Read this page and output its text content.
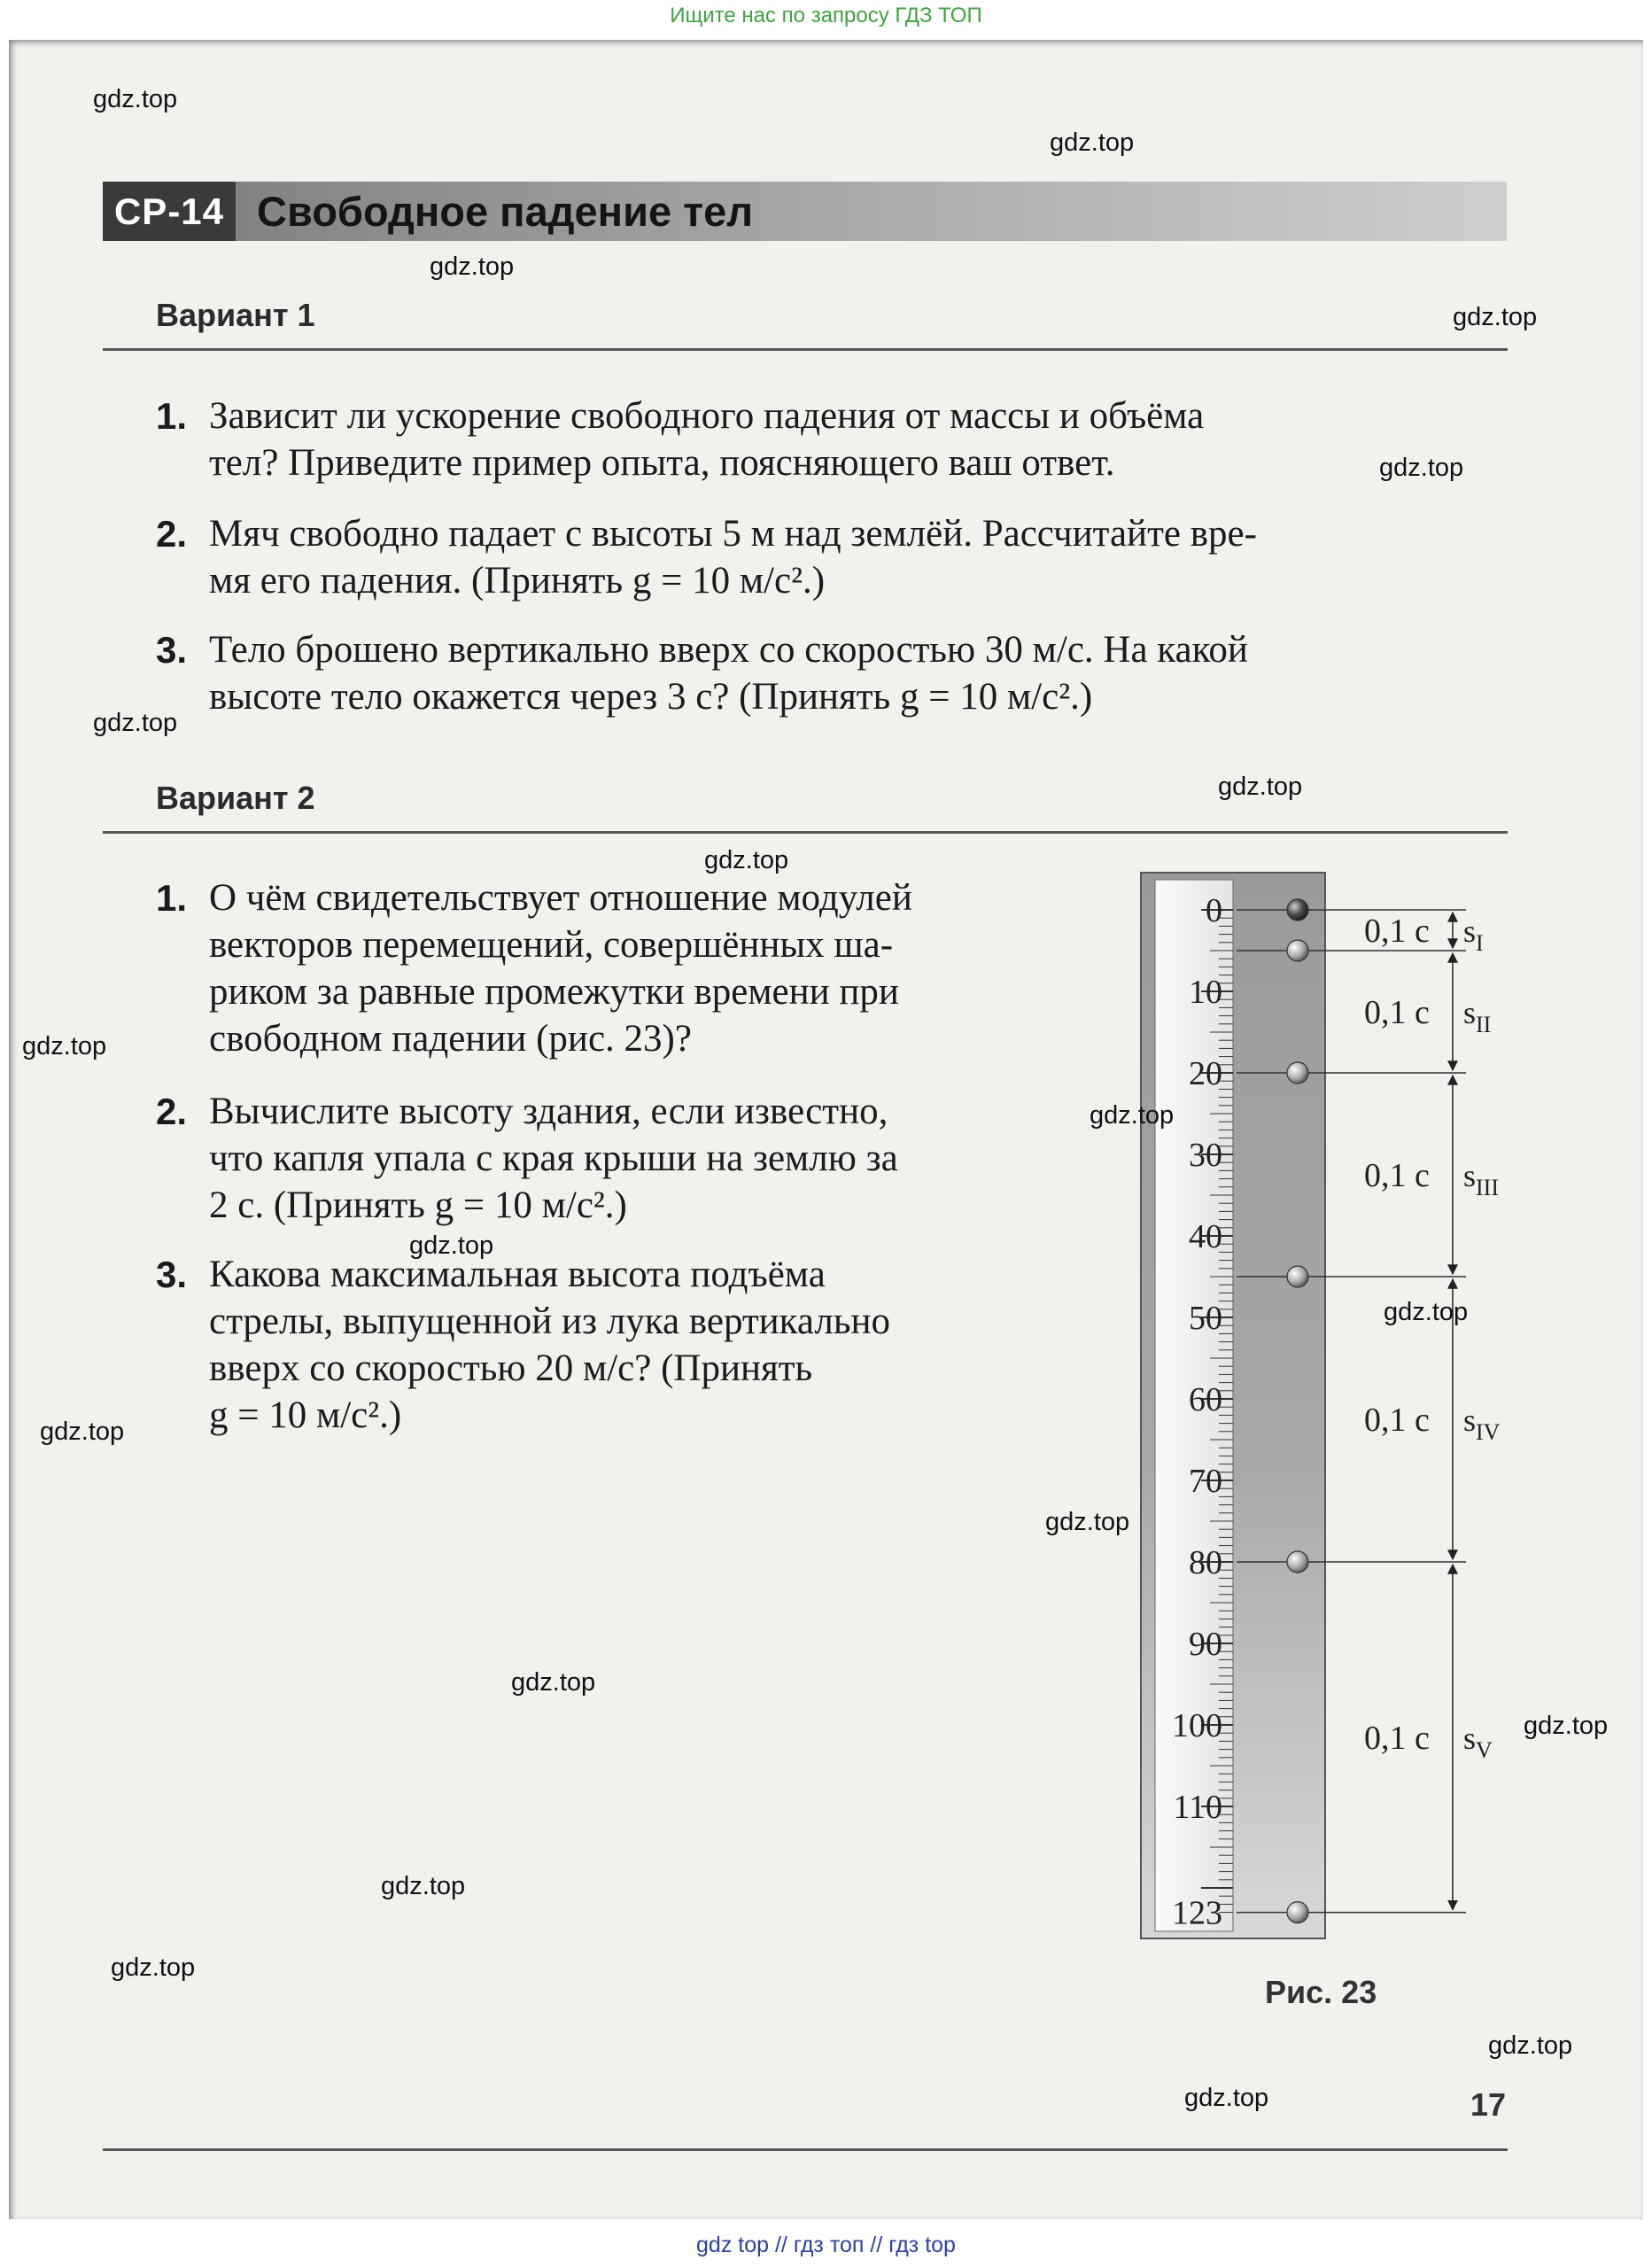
Ищите нас по запросу ГДЗ ТОП
СР-14 Свободное падение тел
Вариант 1
1. Зависит ли ускорение свободного падения от массы и объёма
тел? Приведите пример опыта, поясняющего ваш ответ.
2. Мяч свободно падает с высоты 5 м над землёй. Рассчитайте вре-
мя его падения. (Принять g = 10 м/с².)
3. Тело брошено вертикально вверх со скоростью 30 м/с. На какой
высоте тело окажется через 3 с? (Принять g = 10 м/с².)
Вариант 2
1. О чём свидетельствует отношение модулей
векторов перемещений, совершённых ша-
риком за равные промежутки времени при
свободном падении (рис. 23)?
2. Вычислите высоту здания, если известно,
что капля упала с края крыши на землю за
2 с. (Принять g = 10 м/с².)
3. Какова максимальная высота подъёма
стрелы, выпущенной из лука вертикально
вверх со скоростью 20 м/с? (Принять
g = 10 м/с².)
0
10
20
30
40
50
60
70
80
90
100
110
123
0,1 с $s_I$
0,1 с $s_{II}$
0,1 с $s_{III}$
0,1 с $s_{IV}$
0,1 с $s_V$
Рис. 23
17
gdz top // гдз топ // гдз top
gdz.top
gdz.top
gdz.top
gdz.top
gdz.top
gdz.top
gdz.top
gdz.top
gdz.top
gdz.top
gdz.top
gdz.top
gdz.top
gdz.top
gdz.top
gdz.top
gdz.top
gdz.top
gdz.top
gdz.top
